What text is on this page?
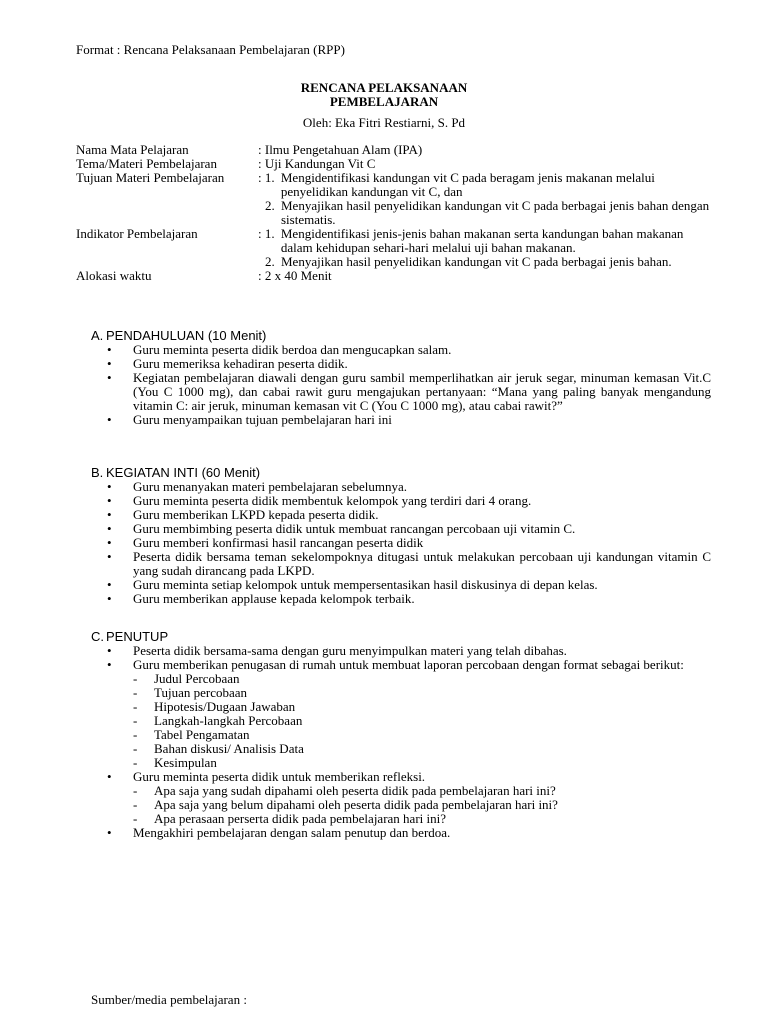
Format : Rencana Pelaksanaan Pembelajaran (RPP)
RENCANA PELAKSANAAN
PEMBELAJARAN
Oleh: Eka Fitri Restiarni, S. Pd
Nama Mata Pelajaran	: Ilmu Pengetahuan Alam (IPA)
Tema/Materi Pembelajaran	: Uji Kandungan Vit C
Tujuan Materi Pembelajaran	: 1. Mengidentifikasi kandungan vit C pada beragam jenis makanan melalui penyelidikan kandungan vit C, dan
2. Menyajikan hasil penyelidikan kandungan vit C pada berbagai jenis bahan dengan sistematis.
Indikator Pembelajaran	: 1. Mengidentifikasi jenis-jenis bahan makanan serta kandungan bahan makanan dalam kehidupan sehari-hari melalui uji bahan makanan.
2. Menyajikan hasil penyelidikan kandungan vit C pada berbagai jenis bahan.
Alokasi waktu	: 2 x 40 Menit
A. PENDAHULUAN (10 Menit)
• Guru meminta peserta didik berdoa dan mengucapkan salam.
• Guru memeriksa kehadiran peserta didik.
• Kegiatan pembelajaran diawali dengan guru sambil memperlihatkan air jeruk segar, minuman kemasan Vit.C (You C 1000 mg), dan cabai rawit guru mengajukan pertanyaan: “Mana yang paling banyak mengandung vitamin C: air jeruk, minuman kemasan vit C (You C 1000 mg), atau cabai rawit?”
• Guru menyampaikan tujuan pembelajaran hari ini
B. KEGIATAN INTI (60 Menit)
• Guru menanyakan materi pembelajaran sebelumnya.
• Guru meminta peserta didik membentuk kelompok yang terdiri dari 4 orang.
• Guru memberikan LKPD kepada peserta didik.
• Guru membimbing peserta didik untuk membuat rancangan percobaan uji vitamin C.
• Guru memberi konfirmasi hasil rancangan peserta didik
• Peserta didik bersama teman sekelompoknya ditugasi untuk melakukan percobaan uji kandungan vitamin C yang sudah dirancang pada LKPD.
• Guru meminta setiap kelompok untuk mempersentasikan hasil diskusinya di depan kelas.
• Guru memberikan applause kepada kelompok terbaik.
C. PENUTUP
• Peserta didik bersama-sama dengan guru menyimpulkan materi yang telah dibahas.
• Guru memberikan penugasan di rumah untuk membuat laporan percobaan dengan format sebagai berikut:
- Judul Percobaan
- Tujuan percobaan
- Hipotesis/Dugaan Jawaban
- Langkah-langkah Percobaan
- Tabel Pengamatan
- Bahan diskusi/ Analisis Data
- Kesimpulan
• Guru meminta peserta didik untuk memberikan refleksi.
- Apa saja yang sudah dipahami oleh peserta didik pada pembelajaran hari ini?
- Apa saja yang belum dipahami oleh peserta didik pada pembelajaran hari ini?
- Apa perasaan perserta didik pada pembelajaran hari ini?
• Mengakhiri pembelajaran dengan salam penutup dan berdoa.
Sumber/media pembelajaran :
